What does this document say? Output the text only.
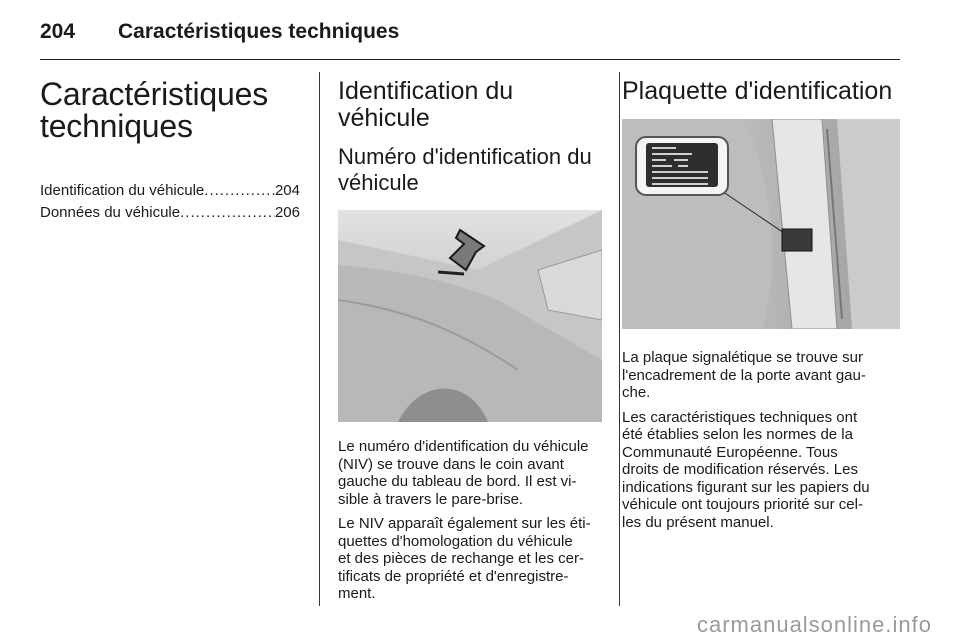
204 Caractéristiques techniques
Caractéristiques
techniques
Identification du véhicule .....	204
Données du véhicule .....	206
Identification du
véhicule
Numéro d'identification du
véhicule

Le numéro d'identification du véhicule
(NIV) se trouve dans le coin avant
gauche du tableau de bord. Il est vi-
sible à travers le pare-brise.

Le NIV apparaît également sur les éti-
quettes d'homologation du véhicule
et des pièces de rechange et les cer-
tificats de propriété et d'enregistre-
ment.

Plaquette d'identification

La plaque signalétique se trouve sur
l'encadrement de la porte avant gau-
che.

Les caractéristiques techniques ont
été établies selon les normes de la
Communauté Européenne. Tous
droits de modification réservés. Les
indications figurant sur les papiers du
véhicule ont toujours priorité sur cel-
les du présent manuel.

carmanualsonline.info
